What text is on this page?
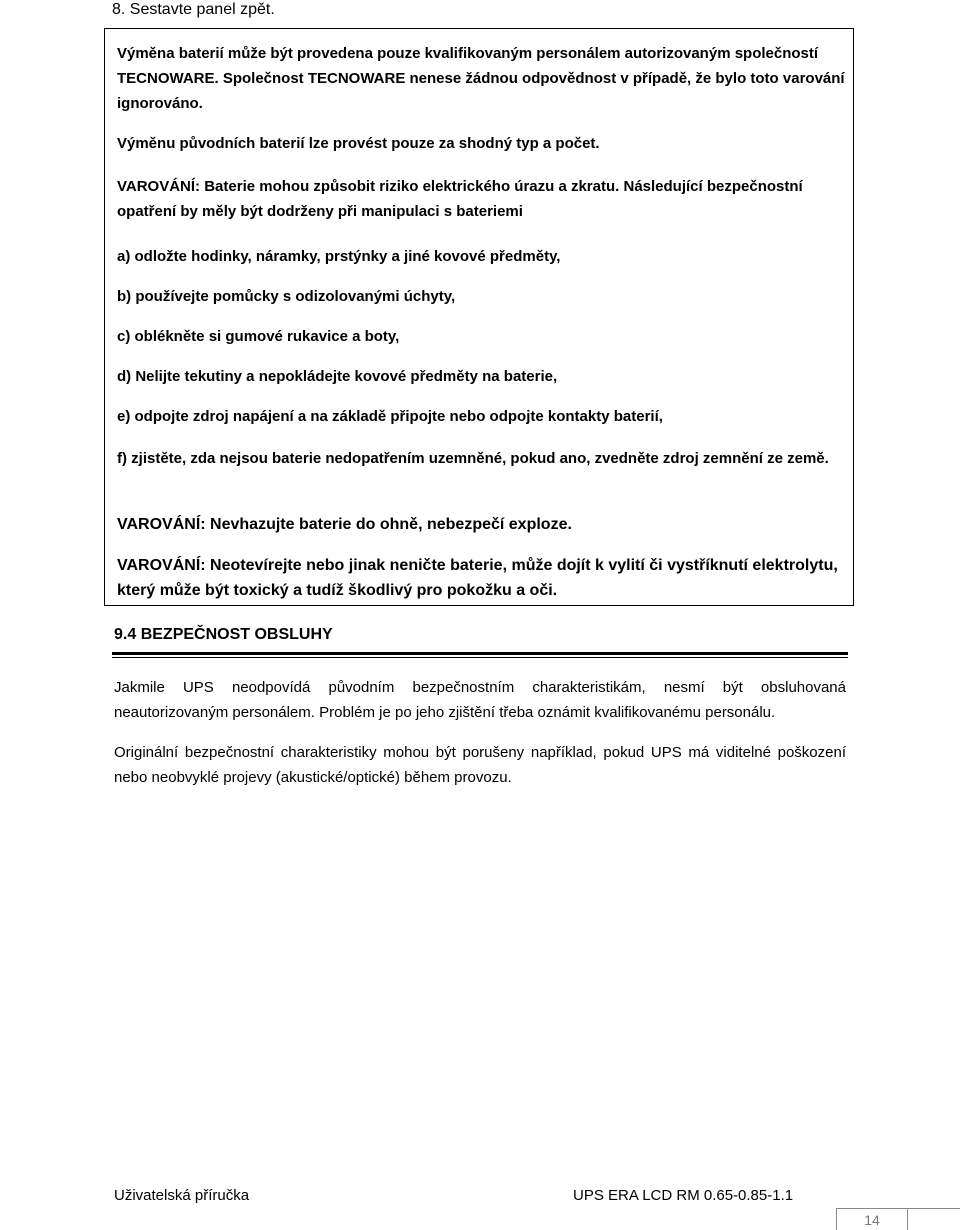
8. Sestavte panel zpět.

Výměna baterií může být provedena pouze kvalifikovaným personálem autorizovaným společností TECNOWARE. Společnost TECNOWARE nenese žádnou odpovědnost v případě, že bylo toto varování ignorováno.

Výměnu původních baterií lze provést pouze za shodný typ a počet.

VAROVÁNÍ: Baterie mohou způsobit riziko elektrického úrazu a zkratu. Následující bezpečnostní opatření by měly být dodrženy při manipulaci s bateriemi

a) odložte hodinky, náramky, prstýnky a jiné kovové předměty,

b) používejte pomůcky s odizolovanými úchyty,

c) oblékněte si gumové rukavice a boty,

d) Nelijte tekutiny a nepokládejte kovové předměty na baterie,

e) odpojte zdroj napájení a na základě připojte nebo odpojte kontakty baterií,

f) zjistěte, zda nejsou baterie nedopatřením uzemněné, pokud ano, zvedněte zdroj zemnění ze země.

VAROVÁNÍ: Nevhazujte baterie do ohně, nebezpečí exploze.

VAROVÁNÍ: Neotevírejte nebo jinak neničte baterie, může dojít k vylití či vystříknutí elektrolytu, který může být toxický a tudíž škodlivý pro pokožku a oči.

9.4 BEZPEČNOST OBSLUHY

Jakmile UPS neodpovídá původním bezpečnostním charakteristikám, nesmí být obsluhovaná neautorizovaným personálem. Problém je po jeho zjištění třeba oznámit kvalifikovanému personálu.

Originální bezpečnostní charakteristiky mohou být porušeny například, pokud UPS má viditelné poškození nebo neobvyklé projevy (akustické/optické) během provozu.

Uživatelská příručka	UPS ERA LCD RM 0.65-0.85-1.1
14
